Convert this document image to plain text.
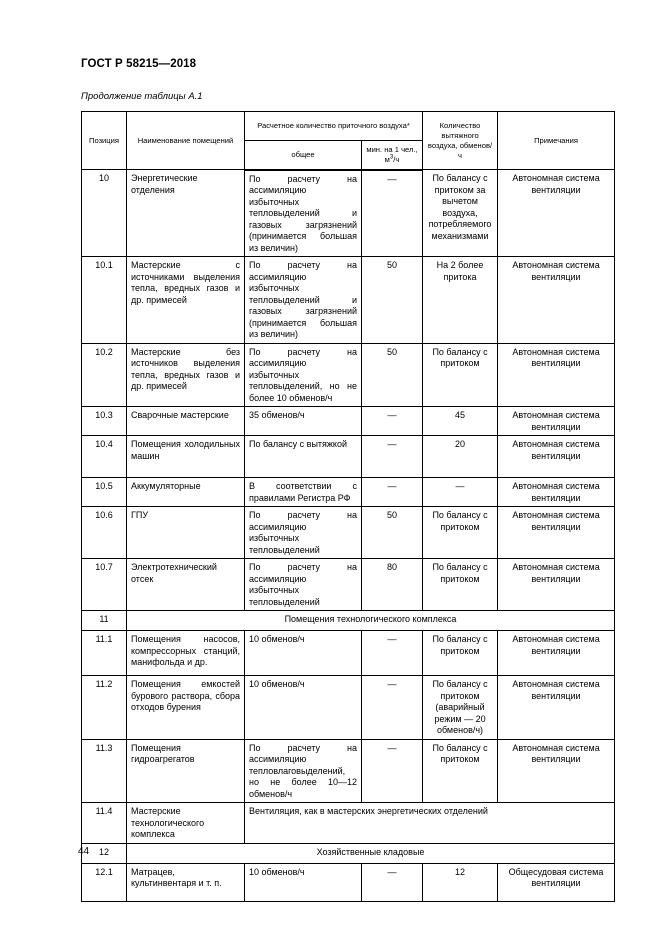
ГОСТ Р 58215—2018
Продолжение таблицы А.1
Позиция	Наименование помещений	Расчетное количество приточного воздуха*		Количество вытяжного воздуха, обменов/ч	Примечания
		общее	мин. на 1 чел., $м^3/ч$		
10	Энергетические отделения	По расчету на ассимиляцию избыточных тепловыделений и газовых загрязнений (принимается большая из величин)	—	По балансу с притоком за вычетом воздуха, потребляемого механизмами	Автономная система вентиляции
10.1	Мастерские с источниками выделения тепла, вредных газов и др. примесей	По расчету на ассимиляцию избыточных тепловыделений и газовых загрязнений (принимается большая из величин)	50	На 2 более притока	Автономная система вентиляции
10.2	Мастерские без источников выделения тепла, вредных газов и др. примесей	По расчету на ассимиляцию избыточных тепловыделений, но не более 10 обменов/ч	50	По балансу с притоком	Автономная система вентиляции
10.3	Сварочные мастерские	35 обменов/ч	—	45	Автономная система вентиляции
10.4	Помещения холодильных машин	По балансу с вытяжкой	—	20	Автономная система вентиляции
10.5	Аккумуляторные	В соответствии с правилами Регистра РФ	—	—	Автономная система вентиляции
10.6	ГПУ	По расчету на ассимиляцию избыточных тепловыделений	50	По балансу с притоком	Автономная система вентиляции
10.7	Электротехнический отсек	По расчету на ассимиляцию избыточных тепловыделений	80	По балансу с притоком	Автономная система вентиляции
11	Помещения технологического комплекса				
11.1	Помещения насосов, компрессорных станций, манифольда и др.	10 обменов/ч	—	По балансу с притоком	Автономная система вентиляции
11.2	Помещения емкостей бурового раствора, сбора отходов бурения	10 обменов/ч	—	По балансу с притоком (аварийный режим — 20 обменов/ч)	Автономная система вентиляции
11.3	Помещения гидроагрегатов	По расчету на ассимиляцию тепловлаговыделений, но не более 10—12 обменов/ч	—	По балансу с притоком	Автономная система вентиляции
11.4	Мастерские технологического комплекса	Вентиляция, как в мастерских энергетических отделений			
12	Хозяйственные кладовые				
12.1	Матрацев, культинвентаря и т. п.	10 обменов/ч	—	12	Общесудовая система вентиляции
44
